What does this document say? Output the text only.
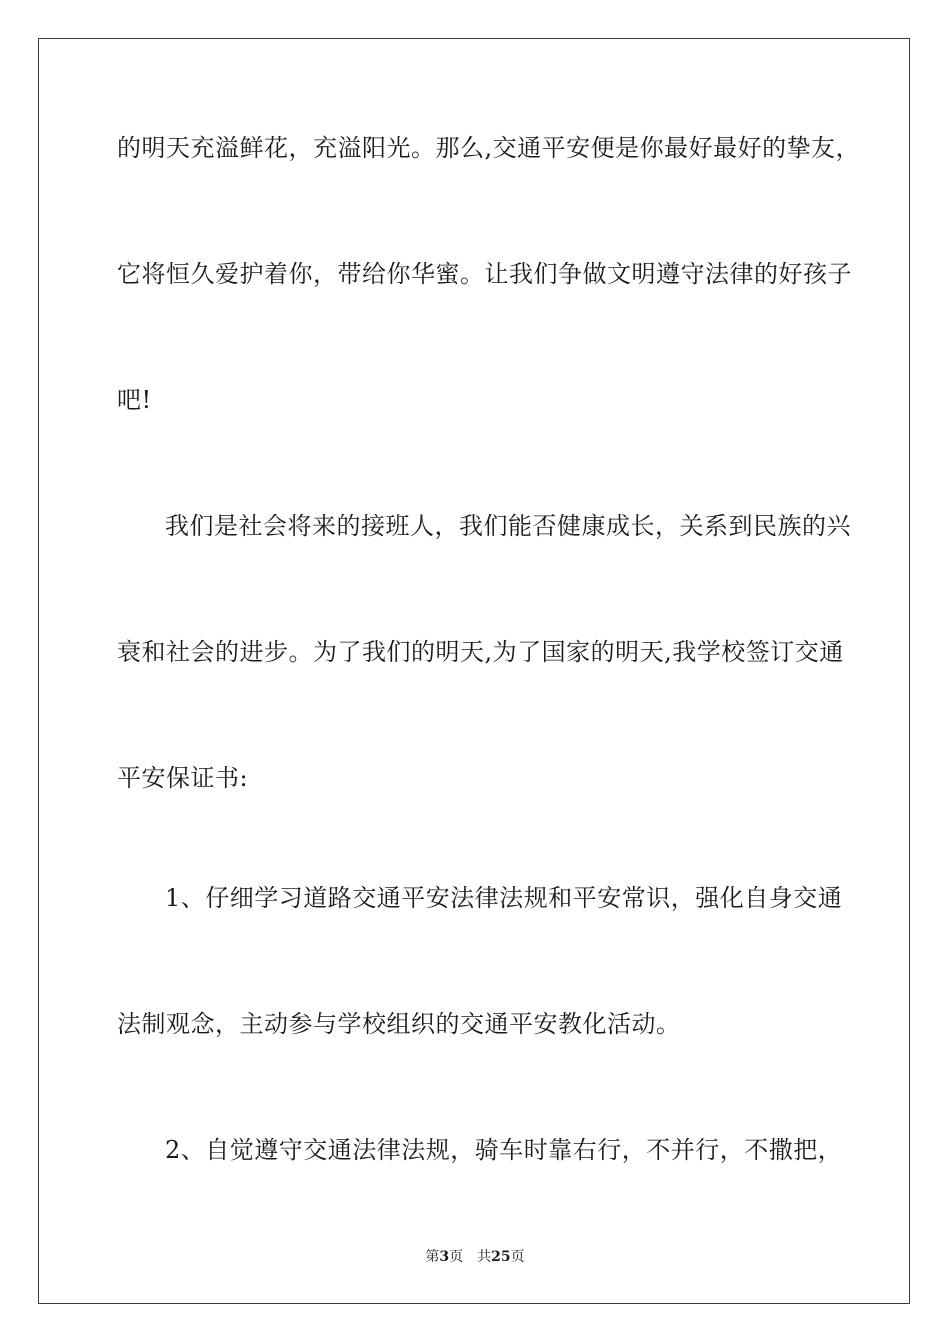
的明天充溢鲜花，充溢阳光。那么,交通平安便是你最好最好的挚友，
它将恒久爱护着你，带给你华蜜。让我们争做文明遵守法律的好孩子
吧!
我们是社会将来的接班人，我们能否健康成长，关系到民族的兴
衰和社会的进步。为了我们的明天,为了国家的明天,我学校签订交通
平安保证书:
1、仔细学习道路交通平安法律法规和平安常识，强化自身交通
法制观念，主动参与学校组织的交通平安教化活动。
2、自觉遵守交通法律法规，骑车时靠右行，不并行，不撒把，
第3页 共25页
